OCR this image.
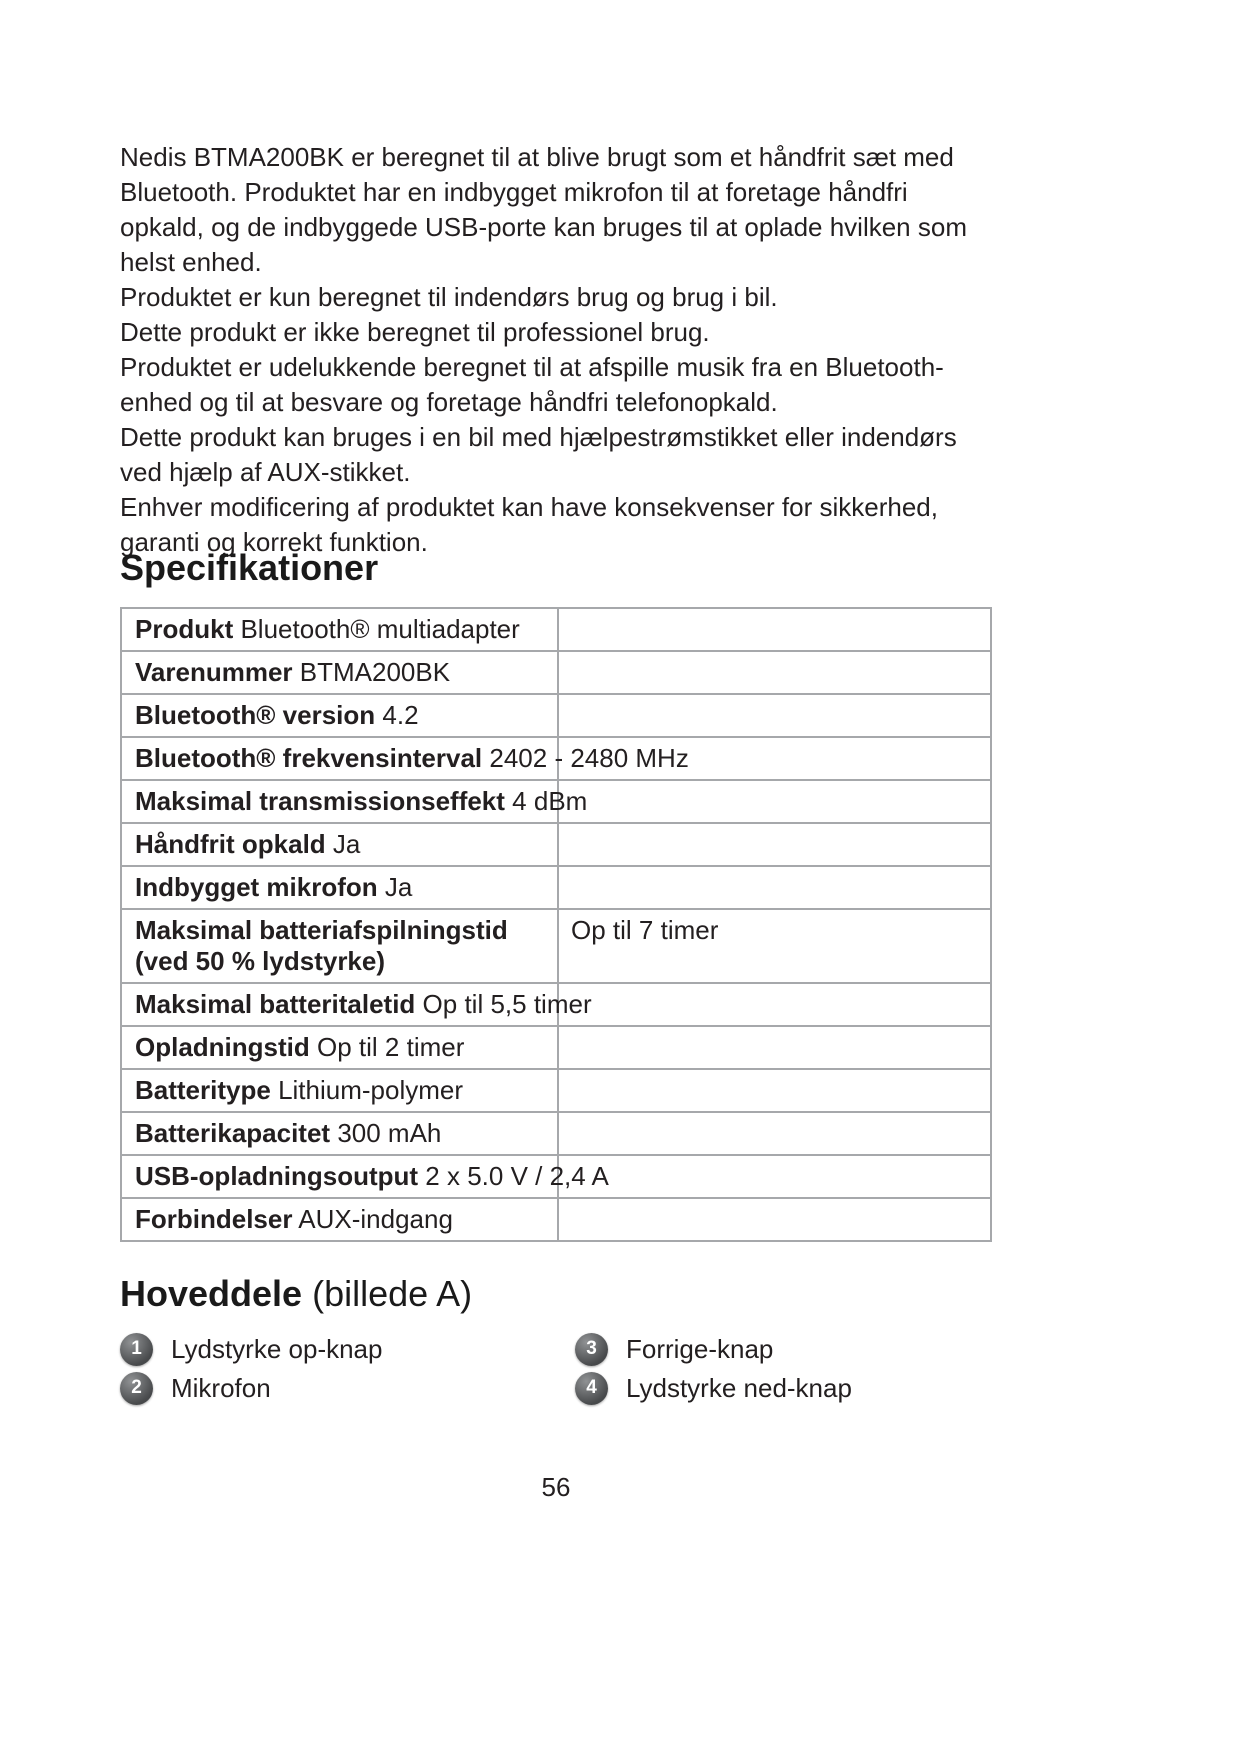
Nedis BTMA200BK er beregnet til at blive brugt som et håndfrit sæt med Bluetooth. Produktet har en indbygget mikrofon til at foretage håndfri opkald, og de indbyggede USB-porte kan bruges til at oplade hvilken som helst enhed.

Produktet er kun beregnet til indendørs brug og brug i bil.

Dette produkt er ikke beregnet til professionel brug.

Produktet er udelukkende beregnet til at afspille musik fra en Bluetooth-enhed og til at besvare og foretage håndfri telefonopkald.

Dette produkt kan bruges i en bil med hjælpestrømstikket eller indendørs ved hjælp af AUX-stikket.

Enhver modificering af produktet kan have konsekvenser for sikkerhed, garanti og korrekt funktion.

Specifikationer
Produkt Bluetooth® multiadapter
Varenummer BTMA200BK
Bluetooth® version 4.2
Bluetooth® frekvensinterval 2402 - 2480 MHz
Maksimal transmissionseffekt 4 dBm
Håndfrit opkald Ja
Indbygget mikrofon Ja
Maksimal batteriafspilningstid (ved 50 % lydstyrke)
Op til 7 timer
Maksimal batteritaletid Op til 5,5 timer
Opladningstid Op til 2 timer
Batteritype Lithium-polymer
Batterikapacitet 300 mAh
USB-opladningsoutput 2 x 5.0 V / 2,4 A
Forbindelser AUX-indgang
Hoveddele (billede A)
1	Lydstyrke op-knap
2	Mikrofon
3	Forrige-knap
4	Lydstyrke ned-knap
56
